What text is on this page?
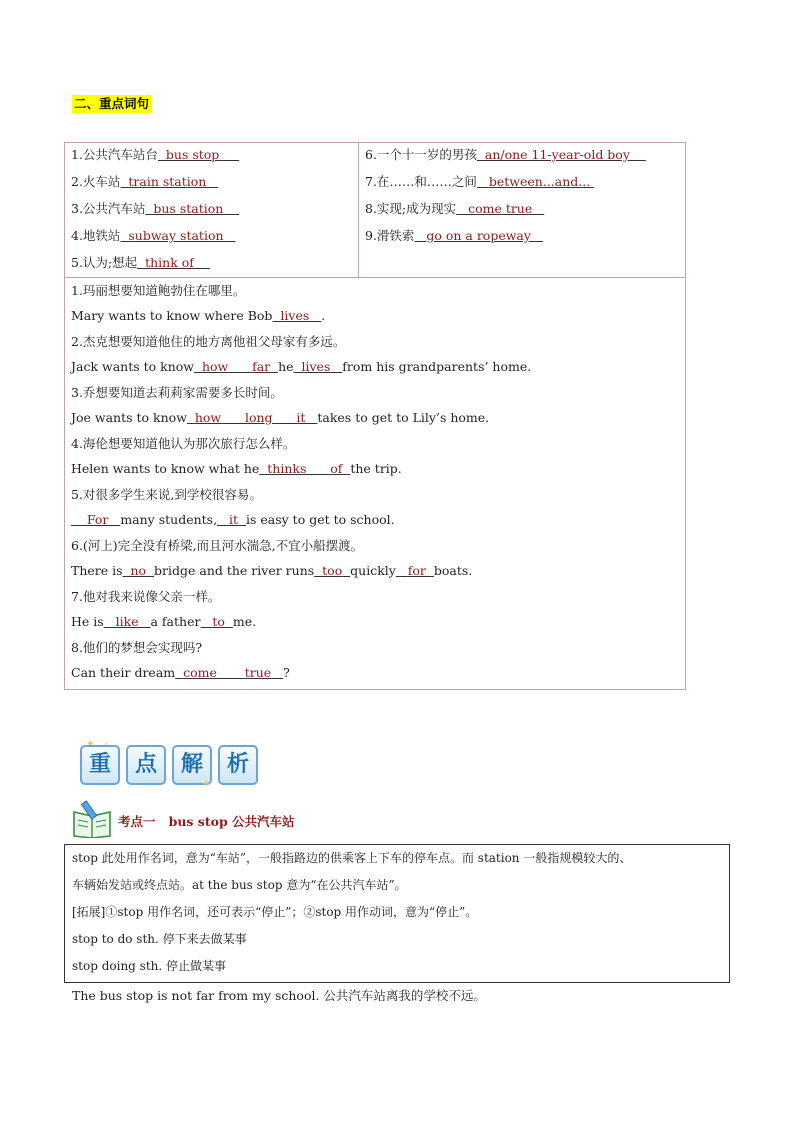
二、重点词句
1.公共汽车站台 bus stop
2.火车站 train station
3.公共汽车站 bus station
4.地铁站 subway station
5.认为;想起 think of
6.一个十一岁的男孩 an/one 11-year-old boy
7.在……和……之间 between...and...
8.实现;成为现实 come true
9.滑铁索 go on a ropeway
1.玛丽想要知道鲍勃住在哪里。
Mary wants to know where Bob lives .
2.杰克想要知道他住的地方离他祖父母家有多远。
Jack wants to know how far he lives from his grandparents’ home.
3.乔想要知道去莉莉家需要多长时间。
Joe wants to know how long it takes to get to Lily’s home.
4.海伦想要知道他认为那次旅行怎么样。
Helen wants to know what he thinks of the trip.
5.对很多学生来说,到学校很容易。
For many students, it is easy to get to school.
6.(河上)完全没有桥梁,而且河水湍急,不宜小船摆渡。
There is no bridge and the river runs too quickly for boats.
7.他对我来说像父亲一样。
He is like a father to me.
8.他们的梦想会实现吗?
Can their dream come true ?
重	点	解	析
✦
考点一 bus stop 公共汽车站
stop 此处用作名词，意为“车站”，一般指路边的供乘客上下车的停车点。而 station 一般指规模较大的、
车辆始发站或终点站。at the bus stop 意为“在公共汽车站”。
[拓展]①stop 用作名词，还可表示“停止”；②stop 用作动词，意为“停止”。
stop to do sth. 停下来去做某事
stop doing sth. 停止做某事
The bus stop is not far from my school. 公共汽车站离我的学校不远。
